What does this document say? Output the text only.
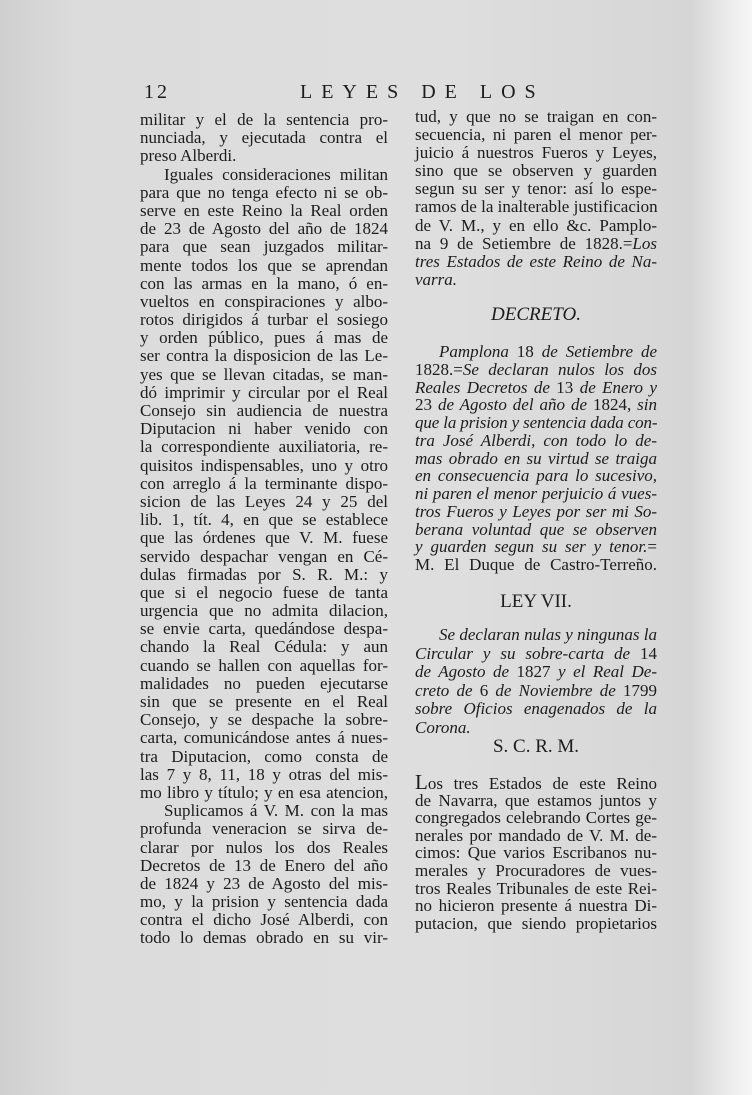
12	LEYES DE LOS
militar y el de la sentencia pro-
nunciada, y ejecutada contra el
preso Alberdi.
Iguales consideraciones militan
para que no tenga efecto ni se ob-
serve en este Reino la Real orden
de 23 de Agosto del año de 1824
para que sean juzgados militar-
mente todos los que se aprendan
con las armas en la mano, ó en-
vueltos en conspiraciones y albo-
rotos dirigidos á turbar el sosiego
y orden público, pues á mas de
ser contra la disposicion de las Le-
yes que se llevan citadas, se man-
dó imprimir y circular por el Real
Consejo sin audiencia de nuestra
Diputacion ni haber venido con
la correspondiente auxiliatoria, re-
quisitos indispensables, uno y otro
con arreglo á la terminante dispo-
sicion de las Leyes 24 y 25 del
lib. 1, tít. 4, en que se establece
que las órdenes que V. M. fuese
servido despachar vengan en Cé-
dulas firmadas por S. R. M.: y
que si el negocio fuese de tanta
urgencia que no admita dilacion,
se envie carta, quedándose despa-
chando la Real Cédula: y aun
cuando se hallen con aquellas for-
malidades no pueden ejecutarse
sin que se presente en el Real
Consejo, y se despache la sobre-
carta, comunicándose antes á nues-
tra Diputacion, como consta de
las 7 y 8, 11, 18 y otras del mis-
mo libro y título; y en esa atencion,
Suplicamos á V. M. con la mas
profunda veneracion se sirva de-
clarar por nulos los dos Reales
Decretos de 13 de Enero del año
de 1824 y 23 de Agosto del mis-
mo, y la prision y sentencia dada
contra el dicho José Alberdi, con
todo lo demas obrado en su vir-
tud, y que no se traigan en con-
secuencia, ni paren el menor per-
juicio á nuestros Fueros y Leyes,
sino que se observen y guarden
segun su ser y tenor: así lo espe-
ramos de la inalterable justificacion
de V. M., y en ello &c. Pamplo-
na 9 de Setiembre de 1828.=Los
tres Estados de este Reino de Na-
varra.
DECRETO.
Pamplona 18 de Setiembre de
1828.=Se declaran nulos los dos
Reales Decretos de 13 de Enero y
23 de Agosto del año de 1824, sin
que la prision y sentencia dada con-
tra José Alberdi, con todo lo de-
mas obrado en su virtud se traiga
en consecuencia para lo sucesivo,
ni paren el menor perjuicio á vues-
tros Fueros y Leyes por ser mi So-
berana voluntad que se observen
y guarden segun su ser y tenor.=
M. El Duque de Castro-Terreño.
LEY VII.
Se declaran nulas y ningunas la
Circular y su sobre-carta de 14
de Agosto de 1827 y el Real De-
creto de 6 de Noviembre de 1799
sobre Oficios enagenados de la
Corona.
S. C. R. M.
Los tres Estados de este Reino
de Navarra, que estamos juntos y
congregados celebrando Cortes ge-
nerales por mandado de V. M. de-
cimos: Que varios Escribanos nu-
merales y Procuradores de vues-
tros Reales Tribunales de este Rei-
no hicieron presente á nuestra Di-
putacion, que siendo propietarios
